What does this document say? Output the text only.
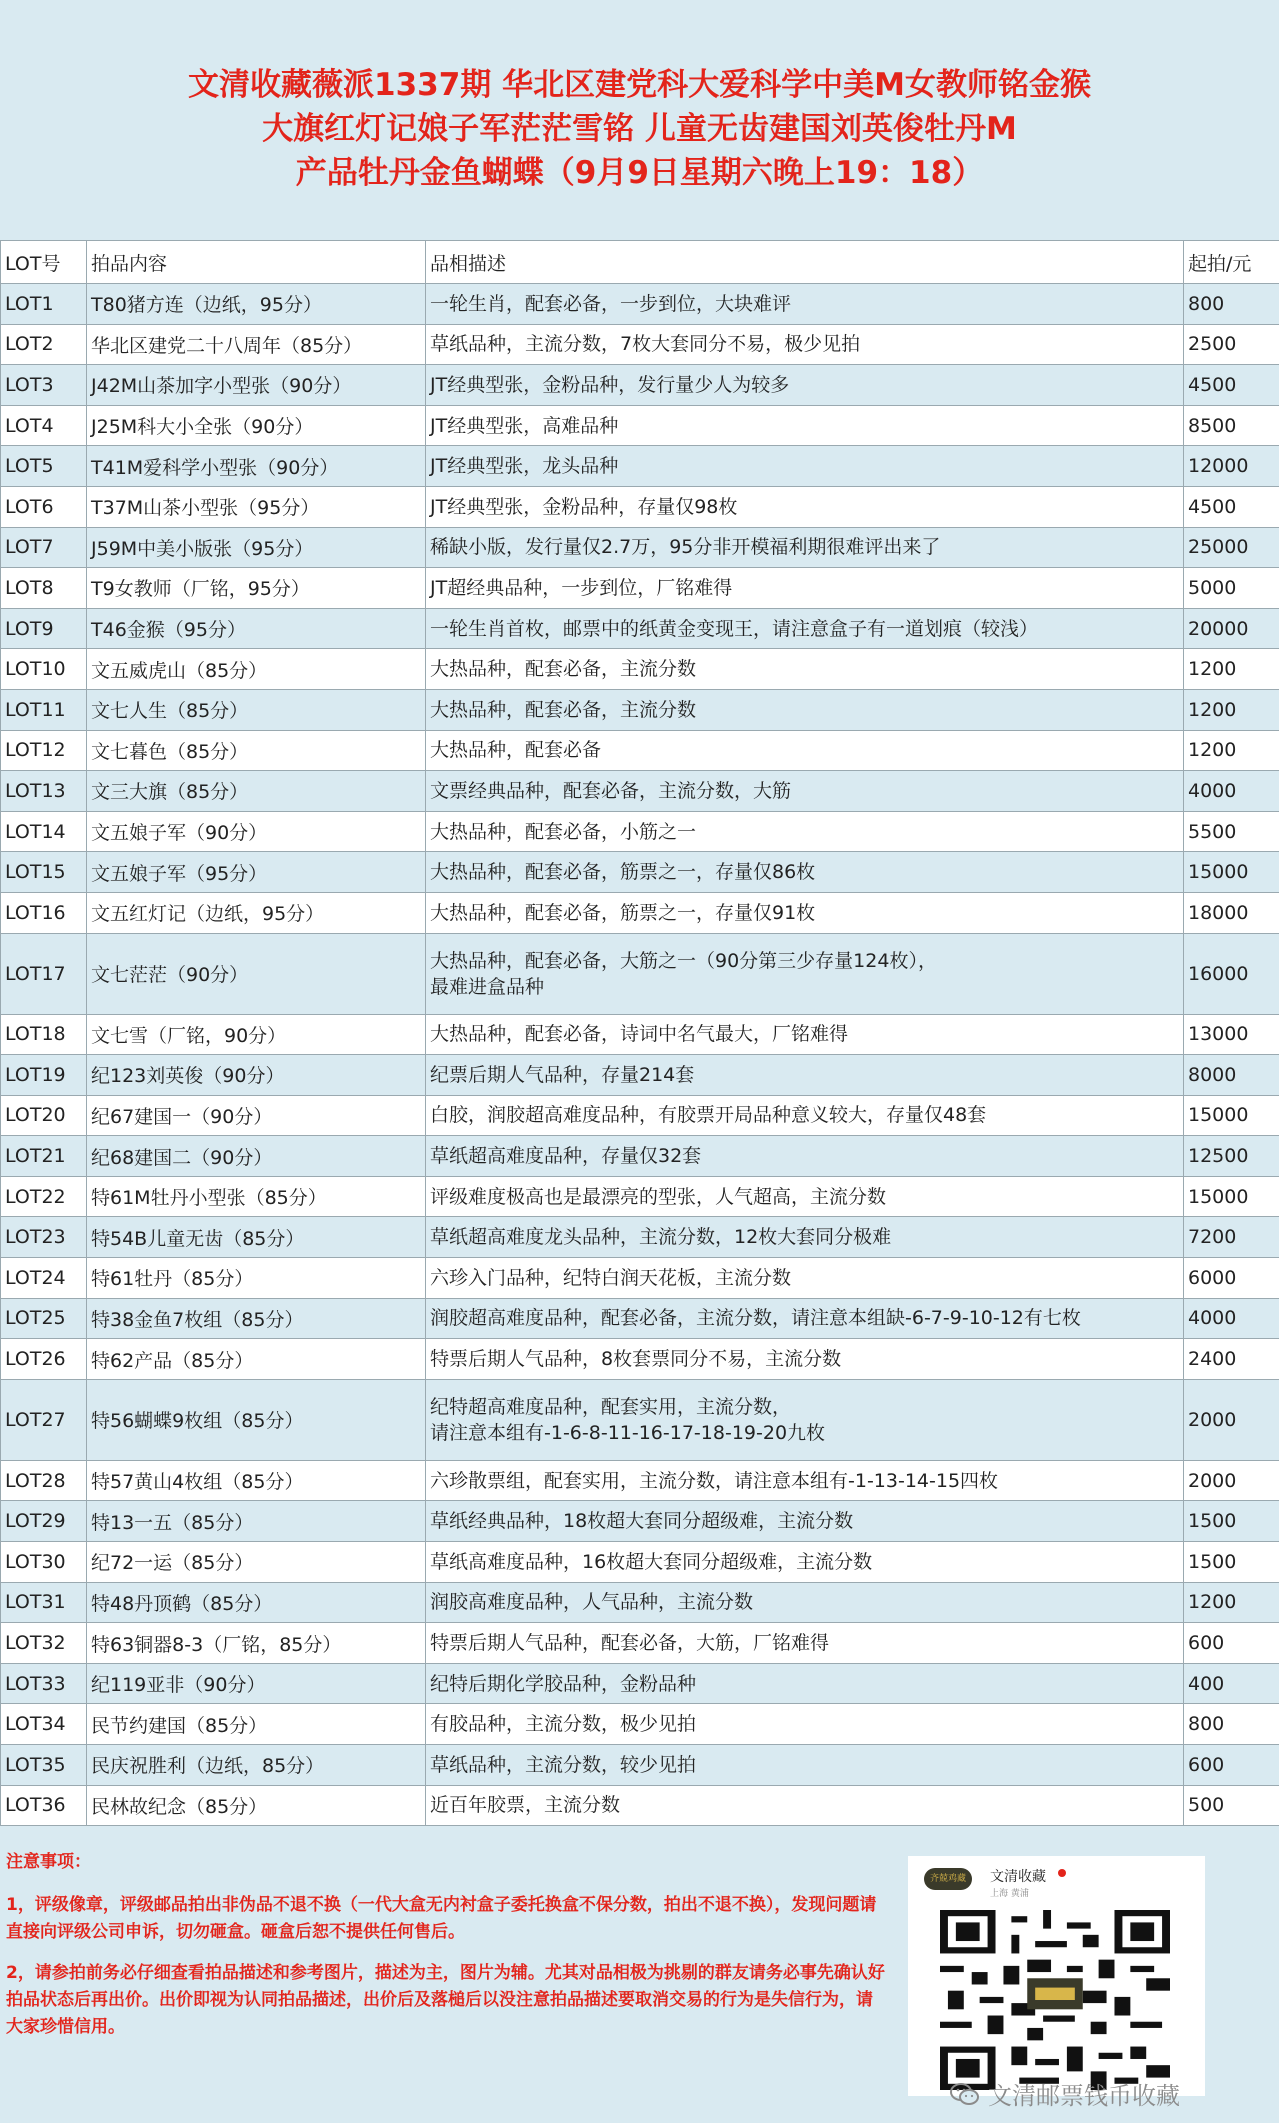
文清收藏薇派1337期 华北区建党科大爱科学中美M女教师铭金猴
大旗红灯记娘子军茫茫雪铭 儿童无齿建国刘英俊牡丹M
产品牡丹金鱼蝴蝶（9月9日星期六晚上19：18）
LOT号	拍品内容	品相描述	起拍/元
LOT1	T80猪方连（边纸，95分）	一轮生肖，配套必备，一步到位，大块难评	800
LOT2	华北区建党二十八周年（85分）	草纸品种，主流分数，7枚大套同分不易，极少见拍	2500
LOT3	J42M山茶加字小型张（90分）	JT经典型张，金粉品种，发行量少人为较多	4500
LOT4	J25M科大小全张（90分）	JT经典型张，高难品种	8500
LOT5	T41M爱科学小型张（90分）	JT经典型张，龙头品种	12000
LOT6	T37M山茶小型张（95分）	JT经典型张，金粉品种，存量仅98枚	4500
LOT7	J59M中美小版张（95分）	稀缺小版，发行量仅2.7万，95分非开模福利期很难评出来了	25000
LOT8	T9女教师（厂铭，95分）	JT超经典品种，一步到位，厂铭难得	5000
LOT9	T46金猴（95分）	一轮生肖首枚，邮票中的纸黄金变现王，请注意盒子有一道划痕（较浅）	20000
LOT10	文五威虎山（85分）	大热品种，配套必备，主流分数	1200
LOT11	文七人生（85分）	大热品种，配套必备，主流分数	1200
LOT12	文七暮色（85分）	大热品种，配套必备	1200
LOT13	文三大旗（85分）	文票经典品种，配套必备，主流分数，大筋	4000
LOT14	文五娘子军（90分）	大热品种，配套必备，小筋之一	5500
LOT15	文五娘子军（95分）	大热品种，配套必备，筋票之一，存量仅86枚	15000
LOT16	文五红灯记（边纸，95分）	大热品种，配套必备，筋票之一，存量仅91枚	18000
LOT17	文七茫茫（90分）	大热品种，配套必备，大筋之一（90分第三少存量124枚），
最难进盒品种	16000
LOT18	文七雪（厂铭，90分）	大热品种，配套必备，诗词中名气最大，厂铭难得	13000
LOT19	纪123刘英俊（90分）	纪票后期人气品种，存量214套	8000
LOT20	纪67建国一（90分）	白胶，润胶超高难度品种，有胶票开局品种意义较大，存量仅48套	15000
LOT21	纪68建国二（90分）	草纸超高难度品种，存量仅32套	12500
LOT22	特61M牡丹小型张（85分）	评级难度极高也是最漂亮的型张，人气超高，主流分数	15000
LOT23	特54B儿童无齿（85分）	草纸超高难度龙头品种，主流分数，12枚大套同分极难	7200
LOT24	特61牡丹（85分）	六珍入门品种，纪特白润天花板，主流分数	6000
LOT25	特38金鱼7枚组（85分）	润胶超高难度品种，配套必备，主流分数，请注意本组缺-6-7-9-10-12有七枚	4000
LOT26	特62产品（85分）	特票后期人气品种，8枚套票同分不易，主流分数	2400
LOT27	特56蝴蝶9枚组（85分）	纪特超高难度品种，配套实用，主流分数，
请注意本组有-1-6-8-11-16-17-18-19-20九枚	2000
LOT28	特57黄山4枚组（85分）	六珍散票组，配套实用，主流分数，请注意本组有-1-13-14-15四枚	2000
LOT29	特13一五（85分）	草纸经典品种，18枚超大套同分超级难，主流分数	1500
LOT30	纪72一运（85分）	草纸高难度品种，16枚超大套同分超级难，主流分数	1500
LOT31	特48丹顶鹤（85分）	润胶高难度品种，人气品种，主流分数	1200
LOT32	特63铜器8-3（厂铭，85分）	特票后期人气品种，配套必备，大筋，厂铭难得	600
LOT33	纪119亚非（90分）	纪特后期化学胶品种，金粉品种	400
LOT34	民节约建国（85分）	有胶品种，主流分数，极少见拍	800
LOT35	民庆祝胜利（边纸，85分）	草纸品种，主流分数，较少见拍	600
LOT36	民林故纪念（85分）	近百年胶票，主流分数	500
注意事项：
1，评级像章，评级邮品拍出非伪品不退不换（一代大盒无内衬盒子委托换盒不保分数，拍出不退不换），发现问题请直接向评级公司申诉，切勿砸盒。砸盒后恕不提供任何售后。
2，请参拍前务必仔细查看拍品描述和参考图片，描述为主，图片为辅。尤其对品相极为挑剔的群友请务必事先确认好拍品状态后再出价。出价即视为认同拍品描述，出价后及落槌后以没注意拍品描述要取消交易的行为是失信行为，请大家珍惜信用。
齐兢鸡藏	文清收藏
上海 黄浦
文清邮票钱币收藏
